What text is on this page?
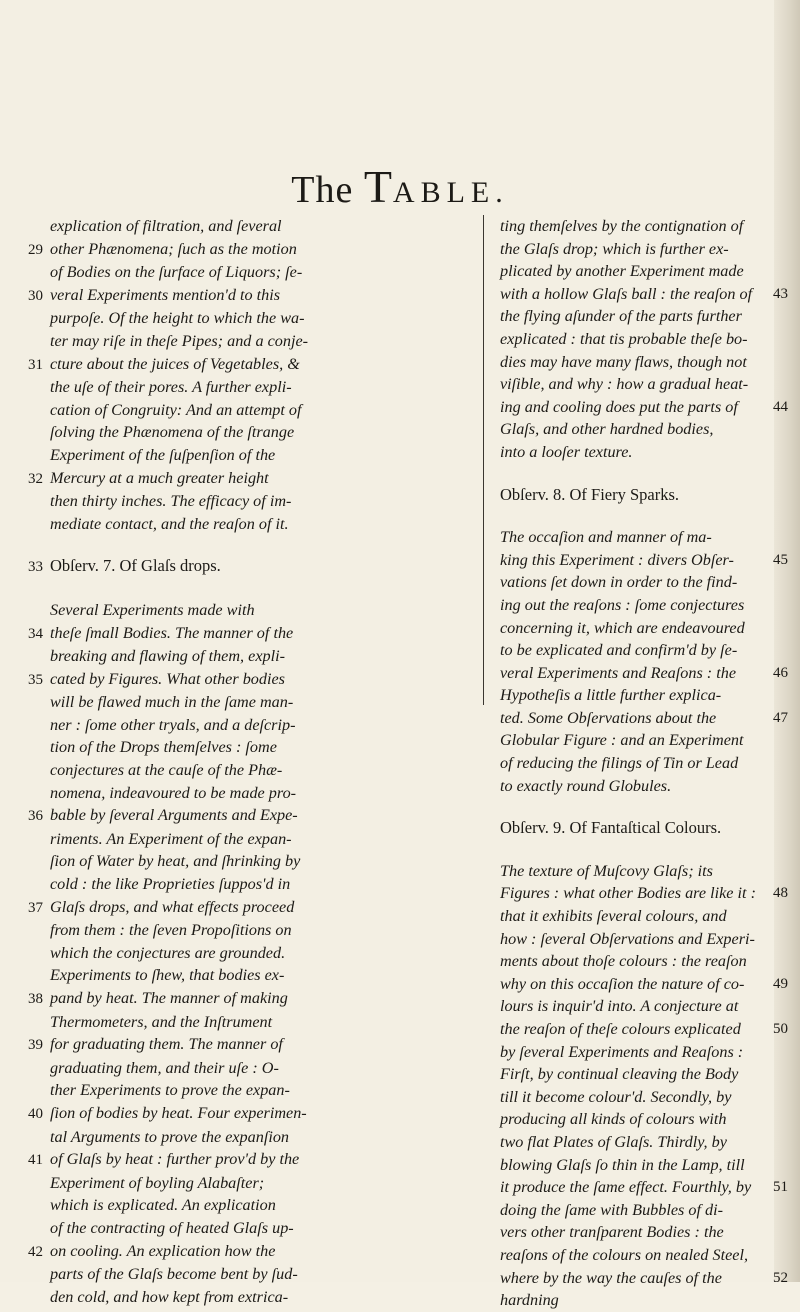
The TABLE.
explication of filtration, and ſeveral
29 other Phænomena; ſuch as the motion
of Bodies on the ſurface of Liquors; ſe-
30 veral Experiments mention'd to this
purpoſe. Of the height to which the wa-
ter may riſe in theſe Pipes; and a conje-
31 cture about the juices of Vegetables, &
the uſe of their pores. A further expli-
cation of Congruity: And an attempt of
ſolving the Phænomena of the ſtrange
Experiment of the ſuſpenſion of the
32 Mercury at a much greater height
then thirty inches. The efficacy of im-
mediate contact, and the reaſon of it.
33 Obſerv. 7. Of Glaſs drops.
Several Experiments made with
34 theſe ſmall Bodies. The manner of the
breaking and flawing of them, expli-
35 cated by Figures. What other bodies
will be flawed much in the ſame man-
ner : ſome other tryals, and a deſcrip-
tion of the Drops themſelves : ſome
conjectures at the cauſe of the Phæ-
nomena, indeavoured to be made pro-
36 bable by ſeveral Arguments and Expe-
riments. An Experiment of the expan-
ſion of Water by heat, and ſhrinking by
cold : the like Proprieties ſuppos'd in
37 Glaſs drops, and what effects proceed
from them : the ſeven Propoſitions on
which the conjectures are grounded.
Experiments to ſhew, that bodies ex-
38 pand by heat. The manner of making
Thermometers, and the Inſtrument
39 for graduating them. The manner of
graduating them, and their uſe : O-
ther Experiments to prove the expan-
40 ſion of bodies by heat. Four experimen-
tal Arguments to prove the expanſion
41 of Glaſs by heat : further prov'd by the
Experiment of boyling Alabaſter;
which is explicated. An explication
of the contracting of heated Glaſs up-
42 on cooling. An explication how the
parts of the Glaſs become bent by ſud-
den cold, and how kept from extrica-
ting themſelves by the contignation of
the Glaſs drop; which is further ex-
plicated by another Experiment made
with a hollow Glaſs ball : the reaſon of 43
the flying aſunder of the parts further
explicated : that tis probable theſe bo-
dies may have many flaws, though not
viſible, and why : how a gradual heat-
ing and cooling does put the parts of 44
Glaſs, and other hardned bodies,
into a looſer texture.
Obſerv. 8. Of Fiery Sparks.
The occaſion and manner of ma-
king this Experiment : divers Obſer-	45
vations ſet down in order to the find-
ing out the reaſons : ſome conjectures
concerning it, which are endeavoured
to be explicated and confirm'd by ſe-
veral Experiments and Reaſons : the 46
Hypotheſis a little further explica-
ted. Some Obſervations about the	47
Globular Figure : and an Experiment
of reducing the filings of Tin or Lead
to exactly round Globules.
Obſerv. 9. Of Fantaſtical Colours.
The texture of Muſcovy Glaſs; its
Figures : what other Bodies are like it : 48
that it exhibits ſeveral colours, and
how : ſeveral Obſervations and Experi-
ments about thoſe colours : the reaſon
why on this occaſion the nature of co- 49
lours is inquir'd into. A conjecture at
the reaſon of theſe colours explicated 50
by ſeveral Experiments and Reaſons :
Firſt, by continual cleaving the Body
till it become colour'd. Secondly, by
producing all kinds of colours with
two flat Plates of Glaſs. Thirdly, by
blowing Glaſs ſo thin in the Lamp, till
it produce the ſame effect. Fourthly, by 51
doing the ſame with Bubbles of di-
vers other tranſparent Bodies : the
reaſons of the colours on nealed Steel,
where by the way the cauſes of the	52
hardning
